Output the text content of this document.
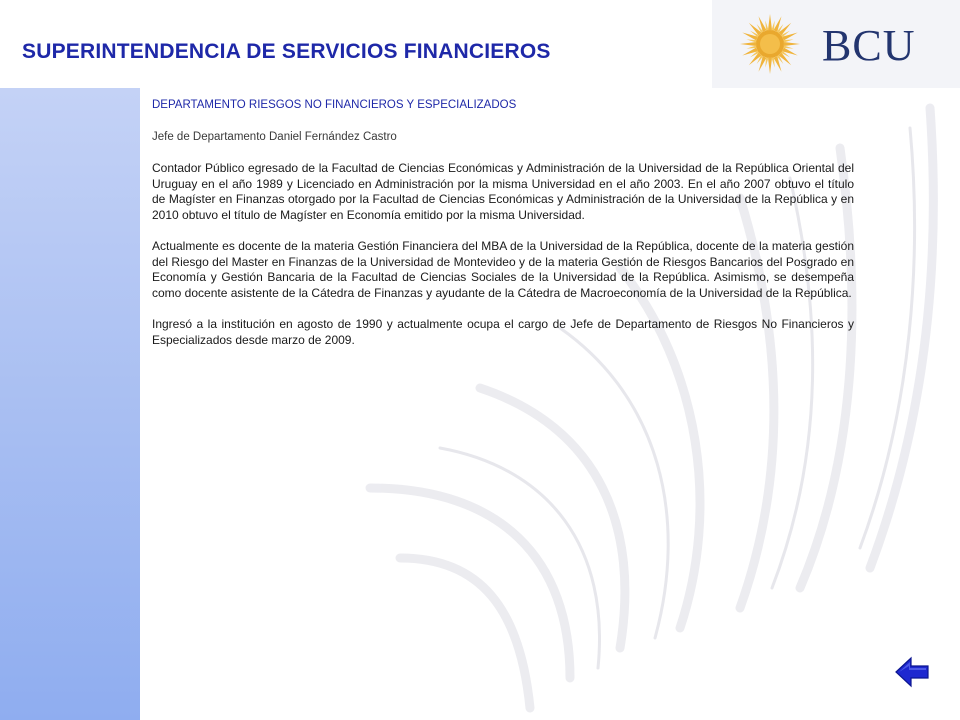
SUPERINTENDENCIA DE SERVICIOS FINANCIEROS	BCU

DEPARTAMENTO RIESGOS NO FINANCIEROS Y ESPECIALIZADOS

Jefe de Departamento Daniel Fernández Castro

Contador Público egresado de la Facultad de Ciencias Económicas y Administración de la Universidad de la República Oriental del Uruguay en el año 1989 y Licenciado en Administración por la misma Universidad en el año 2003. En el año 2007 obtuvo el título de Magíster en Finanzas otorgado por la Facultad de Ciencias Económicas y Administración de la Universidad de la República y en 2010 obtuvo el título de Magíster en Economía emitido por la misma Universidad.

Actualmente es docente de la materia Gestión Financiera del MBA de la Universidad de la República, docente de la materia gestión del Riesgo del Master en Finanzas de la Universidad de Montevideo y de la materia Gestión de Riesgos Bancarios del Posgrado en Economía y Gestión Bancaria de la Facultad de Ciencias Sociales de la Universidad de la República. Asimismo, se desempeña como docente asistente de la Cátedra de Finanzas y ayudante de la Cátedra de Macroeconomía de la Universidad de la República.

Ingresó a la institución en agosto de 1990 y actualmente ocupa el cargo de Jefe de Departamento de Riesgos No Financieros y Especializados desde marzo de 2009.
